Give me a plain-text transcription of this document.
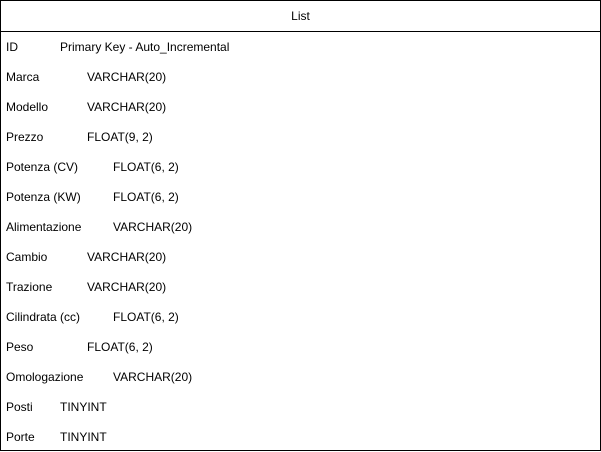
List
ID	Primary Key - Auto_Incremental
Marca	VARCHAR(20)
Modello	VARCHAR(20)
Prezzo	FLOAT(9, 2)
Potenza (CV)	FLOAT(6, 2)
Potenza (KW)	FLOAT(6, 2)
Alimentazione	VARCHAR(20)
Cambio	VARCHAR(20)
Trazione	VARCHAR(20)
Cilindrata (cc)	FLOAT(6, 2)
Peso	FLOAT(6, 2)
Omologazione VARCHAR(20)
Posti TINYINT
Porte TINYINT
